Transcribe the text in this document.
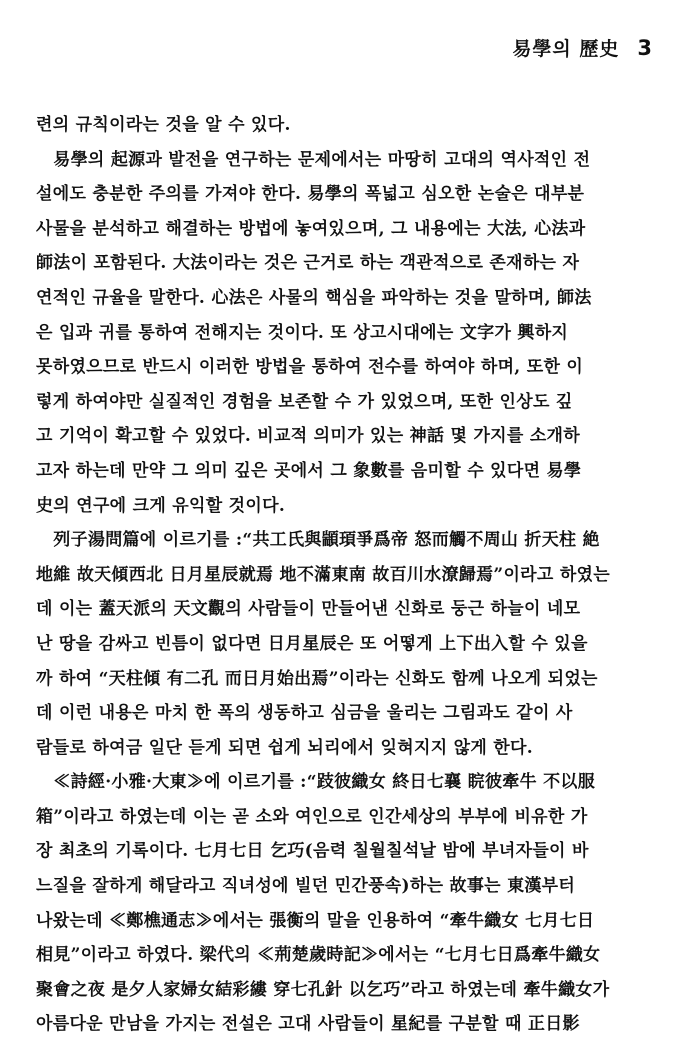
易學의 歷史 3
련의 규칙이라는 것을 알 수 있다.
　易學의 起源과 발전을 연구하는 문제에서는 마땅히 고대의 역사적인 전
설에도 충분한 주의를 가져야 한다. 易學의 폭넓고 심오한 논술은 대부분
사물을 분석하고 해결하는 방법에 놓여있으며, 그 내용에는 大法, 心法과
師法이 포함된다. 大法이라는 것은 근거로 하는 객관적으로 존재하는 자
연적인 규율을 말한다. 心法은 사물의 핵심을 파악하는 것을 말하며, 師法
은 입과 귀를 통하여 전해지는 것이다. 또 상고시대에는 文字가 興하지
못하였으므로 반드시 이러한 방법을 통하여 전수를 하여야 하며, 또한 이
렇게 하여야만 실질적인 경험을 보존할 수 가 있었으며, 또한 인상도 깊
고 기억이 확고할 수 있었다. 비교적 의미가 있는 神話 몇 가지를 소개하
고자 하는데 만약 그 의미 깊은 곳에서 그 象數를 음미할 수 있다면 易學
史의 연구에 크게 유익할 것이다.
　列子湯問篇에 이르기를 :“共工氏與顓頊爭爲帝 怒而觸不周山 折天柱 絶
地維 故天傾西北 日月星辰就焉 地不滿東南 故百川水潦歸焉”이라고 하였는
데 이는 蓋天派의 天文觀의 사람들이 만들어낸 신화로 둥근 하늘이 네모
난 땅을 감싸고 빈틈이 없다면 日月星辰은 또 어떻게 上下出入할 수 있을
까 하여 “天柱傾 有二孔 而日月始出焉”이라는 신화도 함께 나오게 되었는
데 이런 내용은 마치 한 폭의 생동하고 심금을 울리는 그림과도 같이 사
람들로 하여금 일단 듣게 되면 쉽게 뇌리에서 잊혀지지 않게 한다.
　≪詩經·小雅·大東≫에 이르기를 :“跂彼織女 終日七襄 睆彼牽牛 不以服
箱”이라고 하였는데 이는 곧 소와 여인으로 인간세상의 부부에 비유한 가
장 최초의 기록이다. 七月七日 乞巧(음력 칠월칠석날 밤에 부녀자들이 바
느질을 잘하게 해달라고 직녀성에 빌던 민간풍속)하는 故事는 東漢부터
나왔는데 ≪鄭樵通志≫에서는 張衡의 말을 인용하여 “牽牛織女 七月七日
相見”이라고 하였다. 梁代의 ≪荊楚歲時記≫에서는 “七月七日爲牽牛織女
聚會之夜 是夕人家婦女結彩縷 穿七孔針 以乞巧”라고 하였는데 牽牛織女가
아름다운 만남을 가지는 전설은 고대 사람들이 星紀를 구분할 때 正日影
